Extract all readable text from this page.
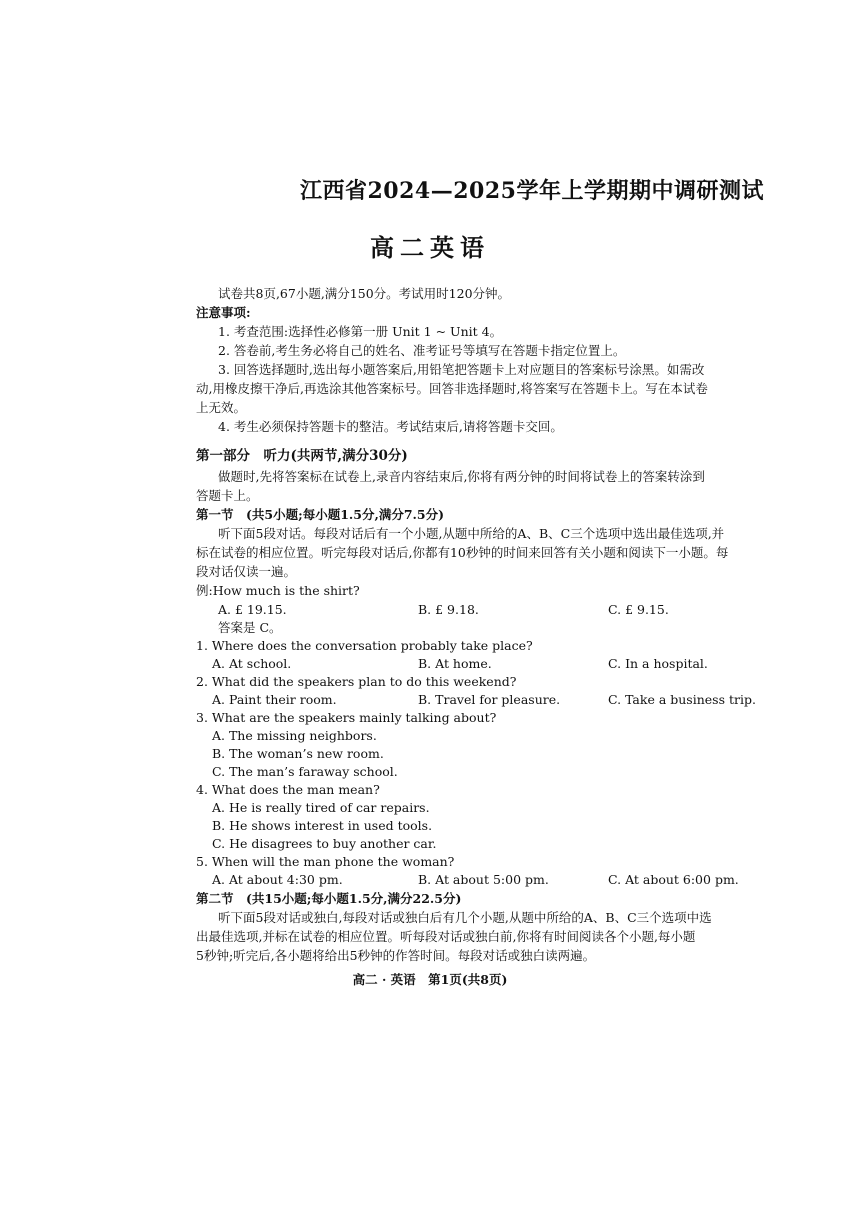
江西省2024—2025学年上学期期中调研测试
高二英语
试卷共8页,67小题,满分150分。考试用时120分钟。
注意事项:
1. 考查范围:选择性必修第一册 Unit 1 ~ Unit 4。
2. 答卷前,考生务必将自己的姓名、准考证号等填写在答题卡指定位置上。
3. 回答选择题时,选出每小题答案后,用铅笔把答题卡上对应题目的答案标号涂黑。如需改
动,用橡皮擦干净后,再选涂其他答案标号。回答非选择题时,将答案写在答题卡上。写在本试卷
上无效。
4. 考生必须保持答题卡的整洁。考试结束后,请将答题卡交回。
第一部分　听力(共两节,满分30分)
做题时,先将答案标在试卷上,录音内容结束后,你将有两分钟的时间将试卷上的答案转涂到
答题卡上。
第一节　(共5小题;每小题1.5分,满分7.5分)
听下面5段对话。每段对话后有一个小题,从题中所给的A、B、C三个选项中选出最佳选项,并
标在试卷的相应位置。听完每段对话后,你都有10秒钟的时间来回答有关小题和阅读下一小题。每
段对话仅读一遍。
例:How much is the shirt?
A. £ 19.15.	B. £ 9.18.	C. £ 9.15.
答案是 C。
1. Where does the conversation probably take place?
A. At school.	B. At home.	C. In a hospital.
2. What did the speakers plan to do this weekend?
A. Paint their room.	B. Travel for pleasure.	C. Take a business trip.
3. What are the speakers mainly talking about?
A. The missing neighbors.
B. The woman’s new room.
C. The man’s faraway school.
4. What does the man mean?
A. He is really tired of car repairs.
B. He shows interest in used tools.
C. He disagrees to buy another car.
5. When will the man phone the woman?
A. At about 4:30 pm.	B. At about 5:00 pm.	C. At about 6:00 pm.
第二节　(共15小题;每小题1.5分,满分22.5分)
听下面5段对话或独白,每段对话或独白后有几个小题,从题中所给的A、B、C三个选项中选
出最佳选项,并标在试卷的相应位置。听每段对话或独白前,你将有时间阅读各个小题,每小题
5秒钟;听完后,各小题将给出5秒钟的作答时间。每段对话或独白读两遍。
高二 · 英语　第1页(共8页)
